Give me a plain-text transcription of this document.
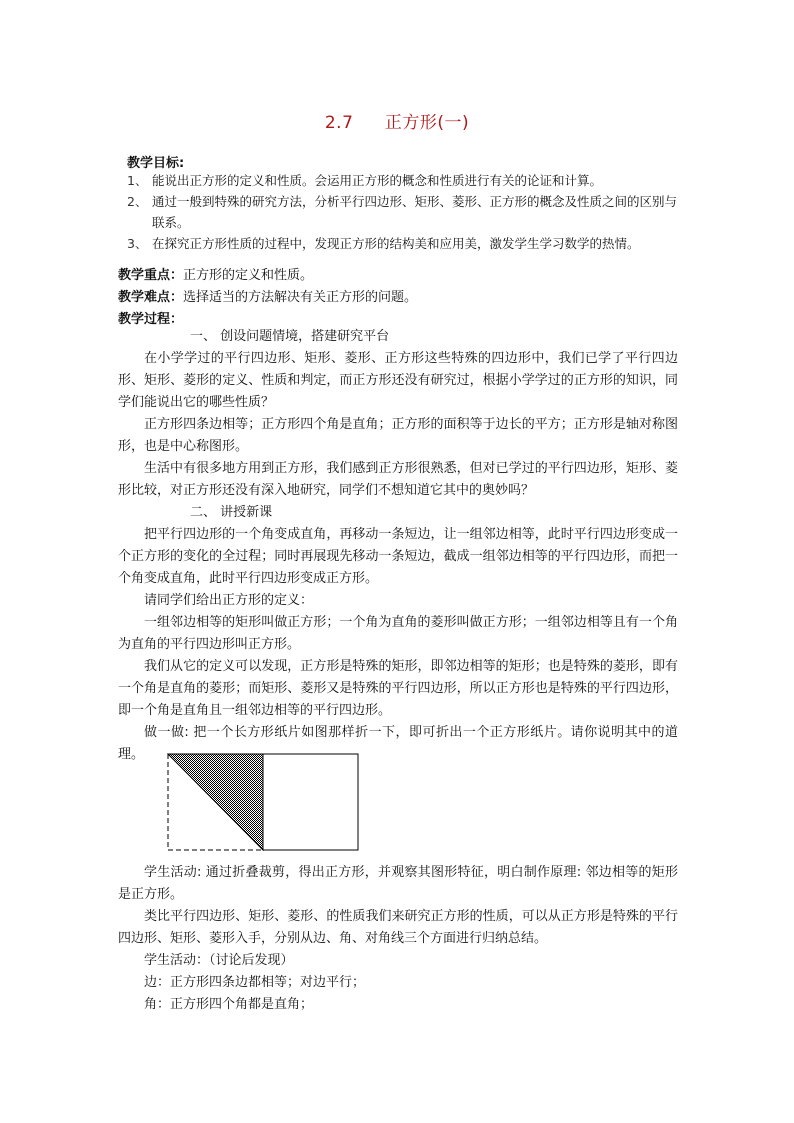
2.7 正方形(一)
教学目标:
1、 能说出正方形的定义和性质。会运用正方形的概念和性质进行有关的论证和计算。
2、 通过一般到特殊的研究方法，分析平行四边形、矩形、菱形、正方形的概念及性质之间的区别与联系。
3、 在探究正方形性质的过程中，发现正方形的结构美和应用美，激发学生学习数学的热情。
教学重点：正方形的定义和性质。
教学难点：选择适当的方法解决有关正方形的问题。
教学过程：

一、 创设问题情境，搭建研究平台

在小学学过的平行四边形、矩形、菱形、正方形这些特殊的四边形中，我们已学了平行四边形、矩形、菱形的定义、性质和判定，而正方形还没有研究过，根据小学学过的正方形的知识，同学们能说出它的哪些性质？

正方形四条边相等；正方形四个角是直角；正方形的面积等于边长的平方；正方形是轴对称图形，也是中心称图形。

生活中有很多地方用到正方形，我们感到正方形很熟悉，但对已学过的平行四边形，矩形、菱形比较，对正方形还没有深入地研究，同学们不想知道它其中的奥妙吗？

二、 讲授新课

把平行四边形的一个角变成直角，再移动一条短边，让一组邻边相等，此时平行四边形变成一个正方形的变化的全过程；同时再展现先移动一条短边，截成一组邻边相等的平行四边形，而把一个角变成直角，此时平行四边形变成正方形。

请同学们给出正方形的定义：

一组邻边相等的矩形叫做正方形；一个角为直角的菱形叫做正方形；一组邻边相等且有一个角为直角的平行四边形叫正方形。

我们从它的定义可以发现，正方形是特殊的矩形，即邻边相等的矩形；也是特殊的菱形，即有一个角是直角的菱形；而矩形、菱形又是特殊的平行四边形，所以正方形也是特殊的平行四边形，即一个角是直角且一组邻边相等的平行四边形。

做一做: 把一个长方形纸片如图那样折一下，即可折出一个正方形纸片。请你说明其中的道理。

学生活动: 通过折叠裁剪，得出正方形，并观察其图形特征，明白制作原理: 邻边相等的矩形是正方形。

类比平行四边形、矩形、菱形、的性质我们来研究正方形的性质，可以从正方形是特殊的平行四边形、矩形、菱形入手，分别从边、角、对角线三个方面进行归纳总结。

学生活动：（讨论后发现）

边：正方形四条边都相等；对边平行；

角：正方形四个角都是直角；
